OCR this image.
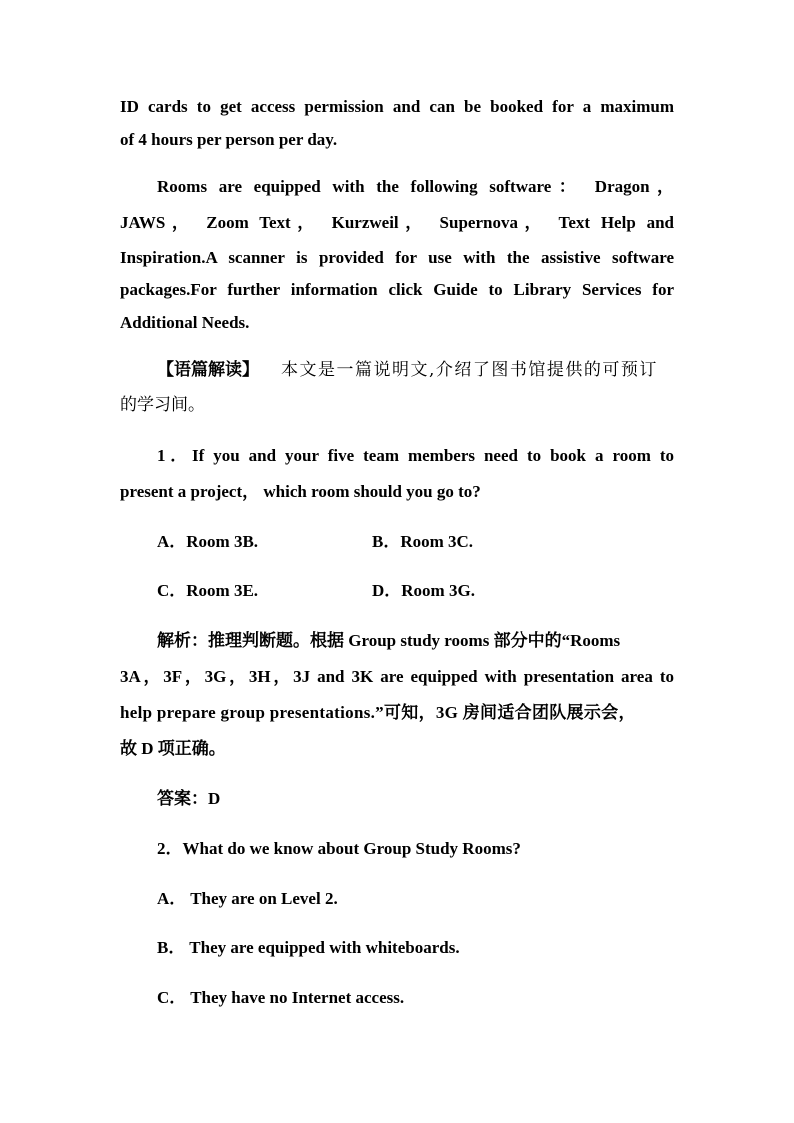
ID cards to get access permission and can be booked for a maximum
of 4 hours per person per day.
Rooms are equipped with the following software： Dragon，
JAWS， Zoom Text， Kurzweil， Supernova， Text Help and
Inspiration.A scanner is provided for use with the assistive software
packages.For further information click Guide to Library Services for
Additional Needs.
【语篇解读】 本文是一篇说明文,介绍了图书馆提供的可预订
的学习间。
1．If you and your five team members need to book a room to
present a project， which room should you go to?
A．Room 3B.	B．Room 3C.
C．Room 3E.	D．Room 3G.
解析：推理判断题。根据 Group study rooms 部分中的“Rooms
3A，3F，3G，3H，3J and 3K are equipped with presentation area to
help prepare group presentations.”可知，3G 房间适合团队展示会，
故 D 项正确。
答案：D
2．What do we know about Group Study Rooms?
A． They are on Level 2.
B． They are equipped with whiteboards.
C． They have no Internet access.
